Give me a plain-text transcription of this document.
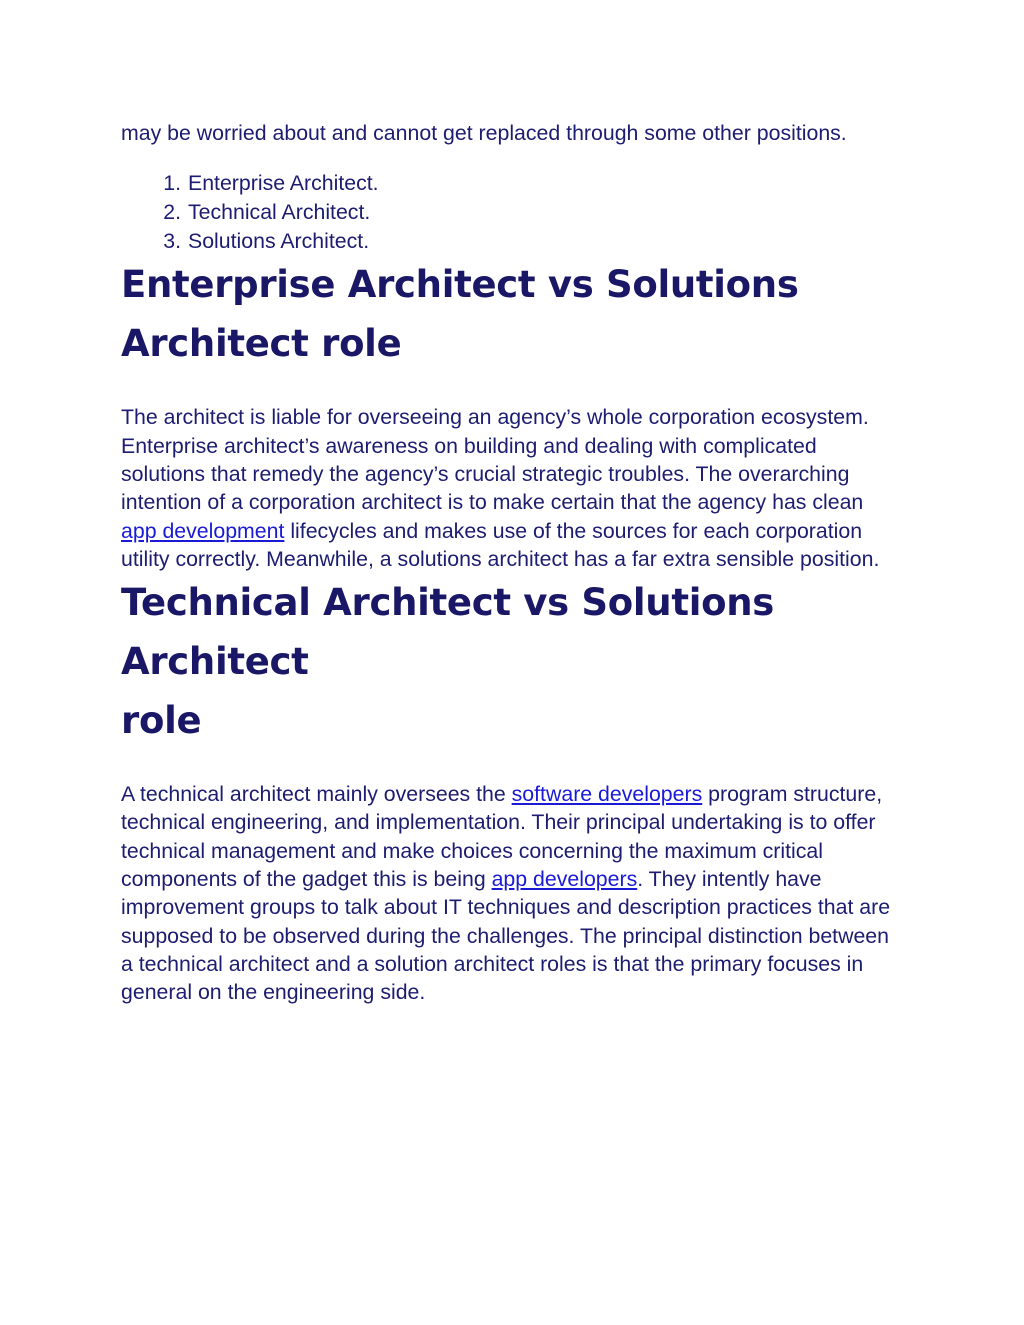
may be worried about and cannot get replaced through some other positions.

1. Enterprise Architect.
2. Technical Architect.
3. Solutions Architect.
Enterprise Architect vs Solutions
Architect role

The architect is liable for overseeing an agency’s whole corporation ecosystem. Enterprise architect’s awareness on building and dealing with complicated solutions that remedy the agency’s crucial strategic troubles. The overarching intention of a corporation architect is to make certain that the agency has clean app development lifecycles and makes use of the sources for each corporation utility correctly. Meanwhile, a solutions architect has a far extra sensible position.

Technical Architect vs Solutions Architect
role

A technical architect mainly oversees the software developers program structure, technical engineering, and implementation. Their principal undertaking is to offer technical management and make choices concerning the maximum critical components of the gadget this is being app developers. They intently have improvement groups to talk about IT techniques and description practices that are supposed to be observed during the challenges. The principal distinction between a technical architect and a solution architect roles is that the primary focuses in general on the engineering side.
